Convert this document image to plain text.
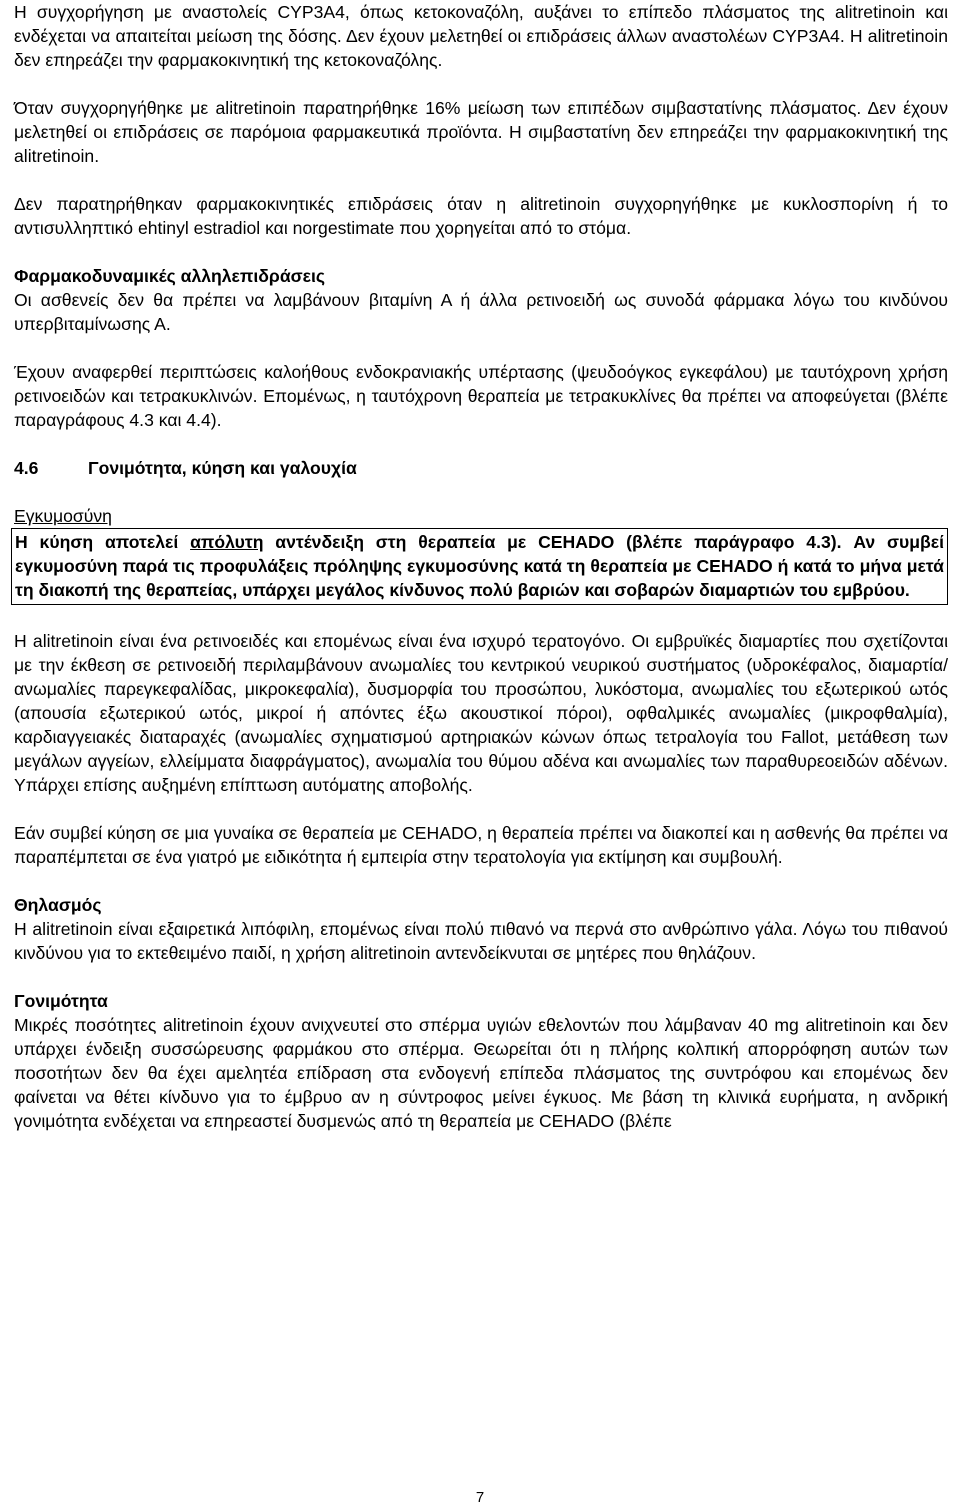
Η συγχορήγηση με αναστολείς CYP3A4, όπως κετοκοναζόλη, αυξάνει το επίπεδο πλάσματος της alitretinoin και ενδέχεται να απαιτείται μείωση της δόσης. Δεν έχουν μελετηθεί οι επιδράσεις άλλων αναστολέων CYP3A4. Η alitretinoin δεν επηρεάζει την φαρμακοκινητική της κετοκοναζόλης.

Όταν συγχορηγήθηκε με alitretinoin παρατηρήθηκε 16% μείωση των επιπέδων σιμβαστατίνης πλάσματος. Δεν έχουν μελετηθεί οι επιδράσεις σε παρόμοια φαρμακευτικά προϊόντα. Η σιμβαστατίνη δεν επηρεάζει την φαρμακοκινητική της alitretinoin.

Δεν παρατηρήθηκαν φαρμακοκινητικές επιδράσεις όταν η alitretinoin συγχορηγήθηκε με κυκλοσπορίνη ή το αντισυλληπτικό ehtinyl estradiol και norgestimate που χορηγείται από το στόμα.

Φαρμακοδυναμικές αλληλεπιδράσεις

Οι ασθενείς δεν θα πρέπει να λαμβάνουν βιταμίνη Α ή άλλα ρετινοειδή ως συνοδά φάρμακα λόγω του κινδύνου υπερβιταμίνωσης Α.

Έχουν αναφερθεί περιπτώσεις καλοήθους ενδοκρανιακής υπέρτασης (ψευδοόγκος εγκεφάλου) με ταυτόχρονη χρήση ρετινοειδών και τετρακυκλινών. Επομένως, η ταυτόχρονη θεραπεία με τετρακυκλίνες θα πρέπει να αποφεύγεται (βλέπε παραγράφους 4.3 και 4.4).

4.6	Γονιμότητα, κύηση και γαλουχία

Εγκυμοσύνη

Η κύηση αποτελεί απόλυτη αντένδειξη στη θεραπεία με CEHADO (βλέπε παράγραφο 4.3). Αν συμβεί εγκυμοσύνη παρά τις προφυλάξεις πρόληψης εγκυμοσύνης κατά τη θεραπεία με CEHADO ή κατά το μήνα μετά τη διακοπή της θεραπείας, υπάρχει μεγάλος κίνδυνος πολύ βαριών και σοβαρών διαμαρτιών του εμβρύου.

Η alitretinoin είναι ένα ρετινοειδές και επομένως είναι ένα ισχυρό τερατογόνο. Οι εμβρυϊκές διαμαρτίες που σχετίζονται με την έκθεση σε ρετινοειδή περιλαμβάνουν ανωμαλίες του κεντρικού νευρικού συστήματος (υδροκέφαλος, διαμαρτία/ανωμαλίες παρεγκεφαλίδας, μικροκεφαλία), δυσμορφία του προσώπου, λυκόστομα, ανωμαλίες του εξωτερικού ωτός (απουσία εξωτερικού ωτός, μικροί ή απόντες έξω ακουστικοί πόροι), οφθαλμικές ανωμαλίες (μικροφθαλμία), καρδιαγγειακές διαταραχές (ανωμαλίες σχηματισμού αρτηριακών κώνων όπως τετραλογία του Fallot, μετάθεση των μεγάλων αγγείων, ελλείμματα διαφράγματος), ανωμαλία του θύμου αδένα και ανωμαλίες των παραθυρεοειδών αδένων. Υπάρχει επίσης αυξημένη επίπτωση αυτόματης αποβολής.

Εάν συμβεί κύηση σε μια γυναίκα σε θεραπεία με CEHADO, η θεραπεία πρέπει να διακοπεί και η ασθενής θα πρέπει να παραπέμπεται σε ένα γιατρό με ειδικότητα ή εμπειρία στην τερατολογία για εκτίμηση και συμβουλή.

Θηλασμός

Η alitretinoin είναι εξαιρετικά λιπόφιλη, επομένως είναι πολύ πιθανό να περνά στο ανθρώπινο γάλα. Λόγω του πιθανού κινδύνου για το εκτεθειμένο παιδί, η χρήση alitretinoin αντενδείκνυται σε μητέρες που θηλάζουν.

Γονιμότητα

Μικρές ποσότητες alitretinoin έχουν ανιχνευτεί στο σπέρμα υγιών εθελοντών που λάμβαναν 40 mg alitretinoin και δεν υπάρχει ένδειξη συσσώρευσης φαρμάκου στο σπέρμα. Θεωρείται ότι η πλήρης κολπική απορρόφηση αυτών των ποσοτήτων δεν θα έχει αμελητέα επίδραση στα ενδογενή επίπεδα πλάσματος της συντρόφου και επομένως δεν φαίνεται να θέτει κίνδυνο για το έμβρυο αν η σύντροφος μείνει έγκυος. Με βάση τη κλινικά ευρήματα, η ανδρική γονιμότητα ενδέχεται να επηρεαστεί δυσμενώς από τη θεραπεία με CEHADO (βλέπε

7
